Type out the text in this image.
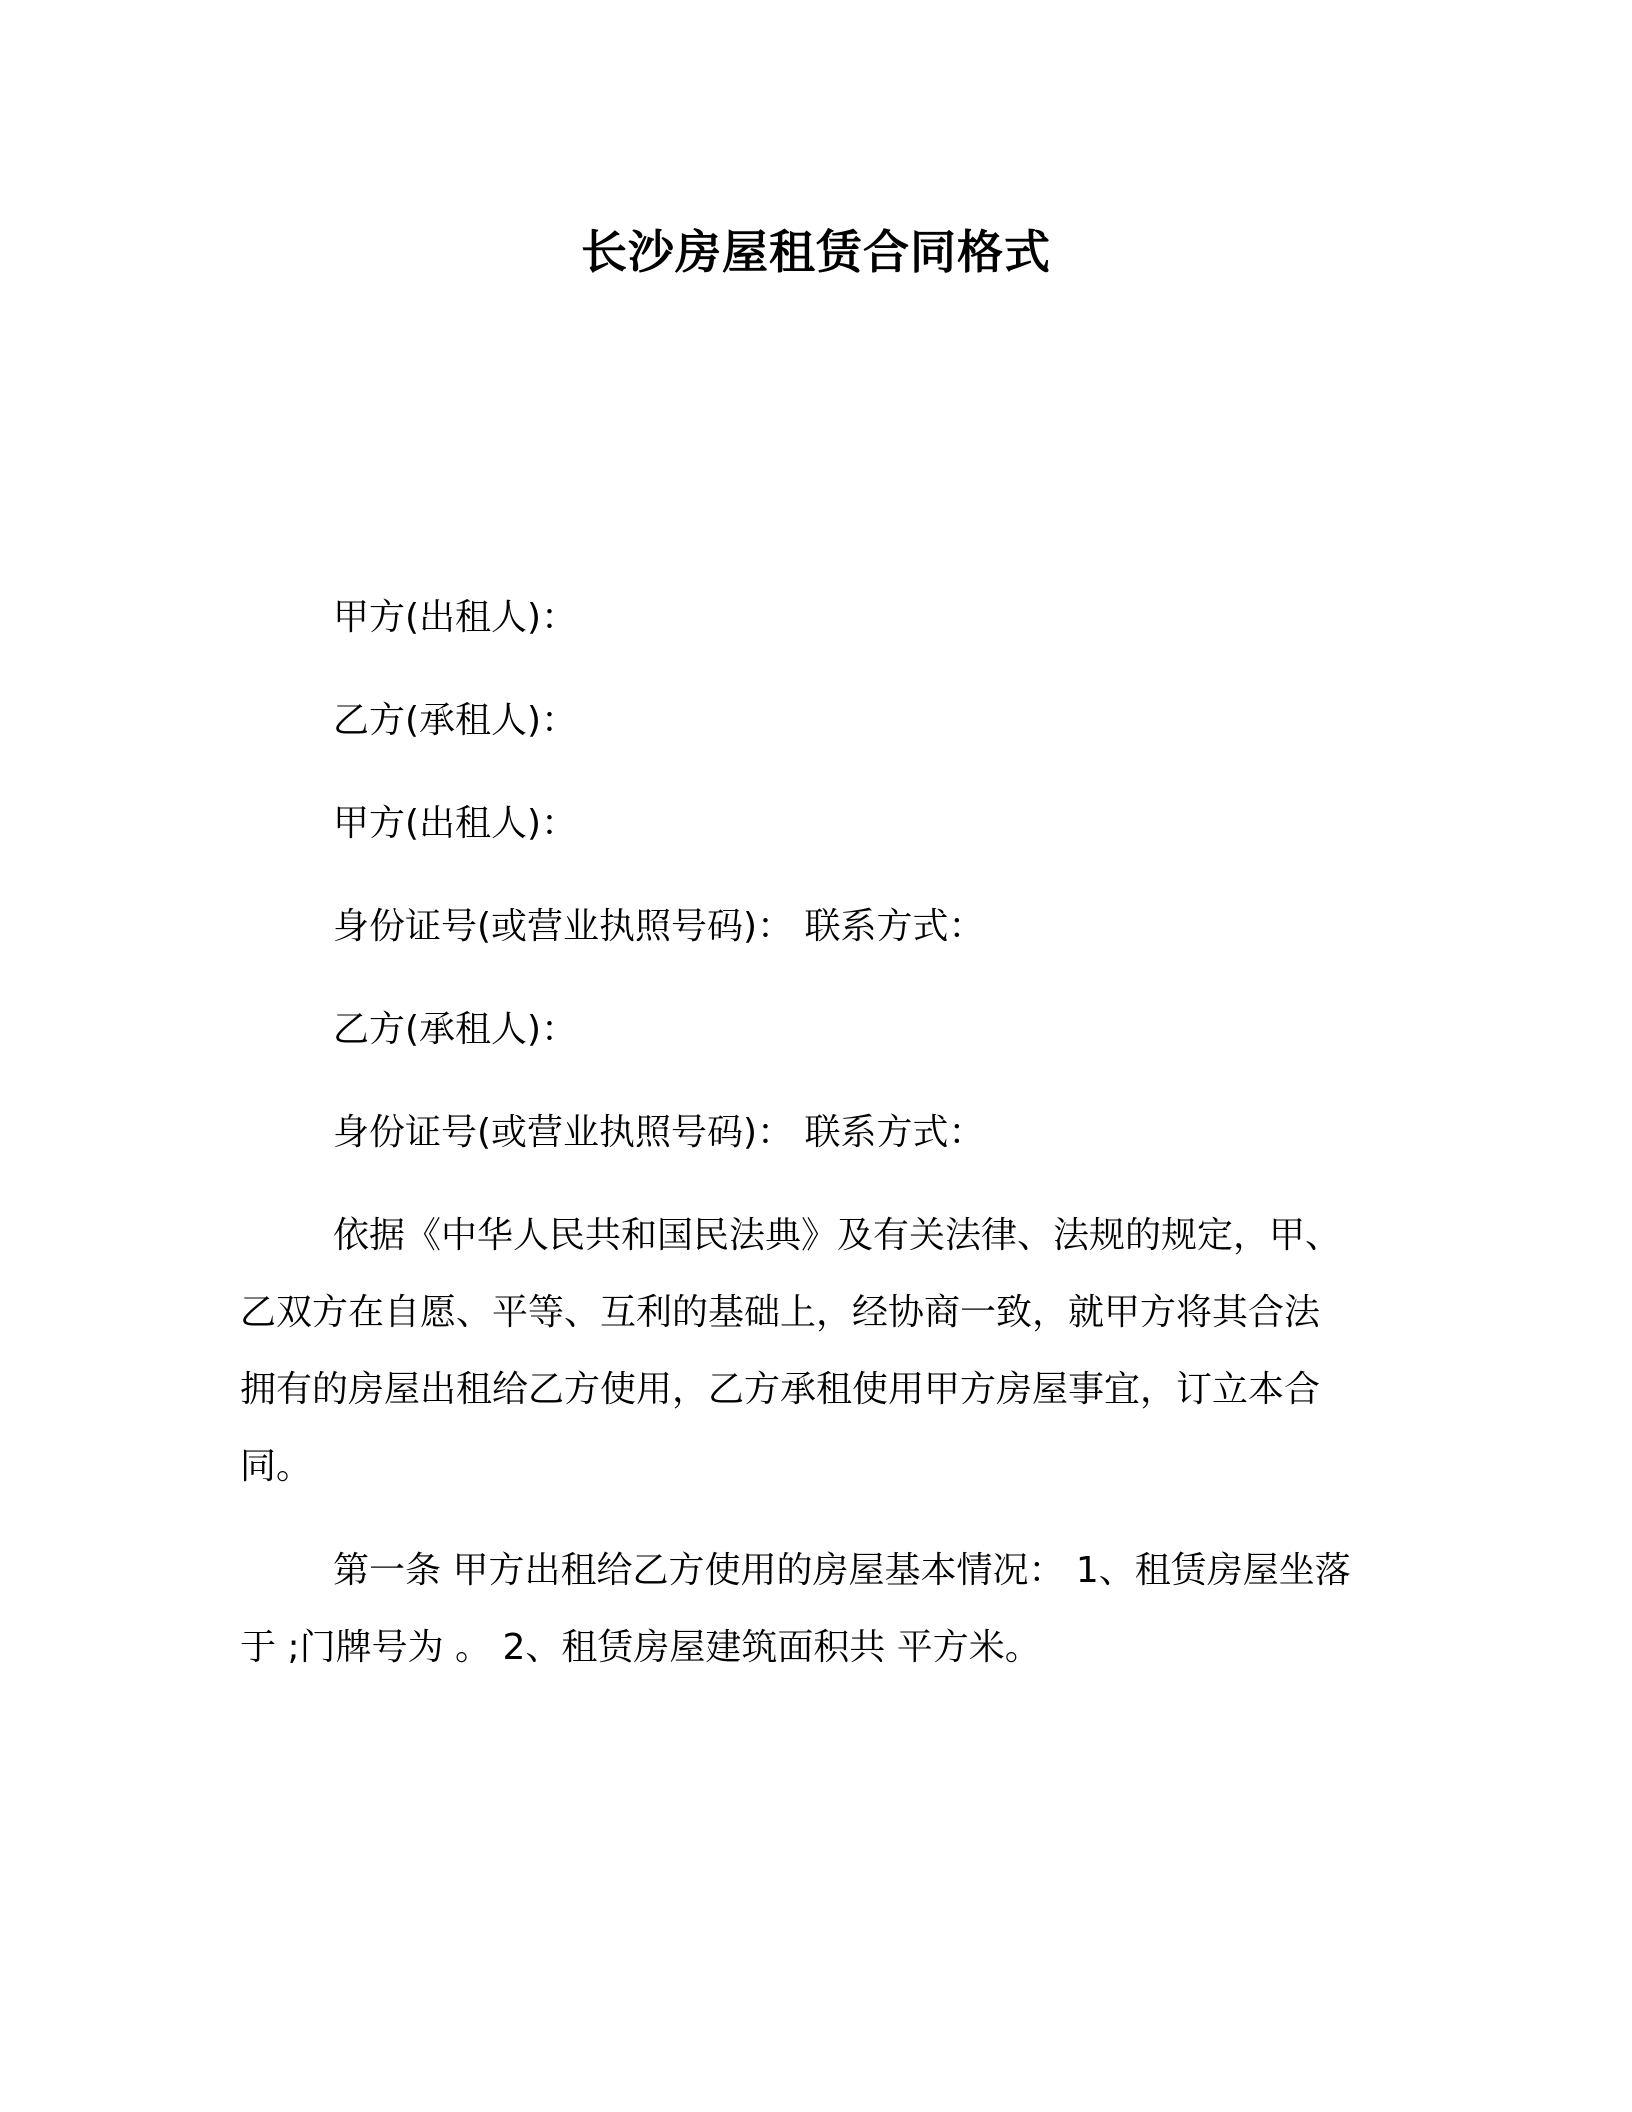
长沙房屋租赁合同格式
甲方(出租人)：
乙方(承租人)：
甲方(出租人)：
身份证号(或营业执照号码)： 联系方式：
乙方(承租人)：
身份证号(或营业执照号码)： 联系方式：
依据《中华人民共和国民法典》及有关法律、法规的规定，甲、
乙双方在自愿、平等、互利的基础上，经协商一致，就甲方将其合法
拥有的房屋出租给乙方使用，乙方承租使用甲方房屋事宜，订立本合
同。
第一条 甲方出租给乙方使用的房屋基本情况： 1、租赁房屋坐落
于 ;门牌号为 。 2、租赁房屋建筑面积共 平方米。
